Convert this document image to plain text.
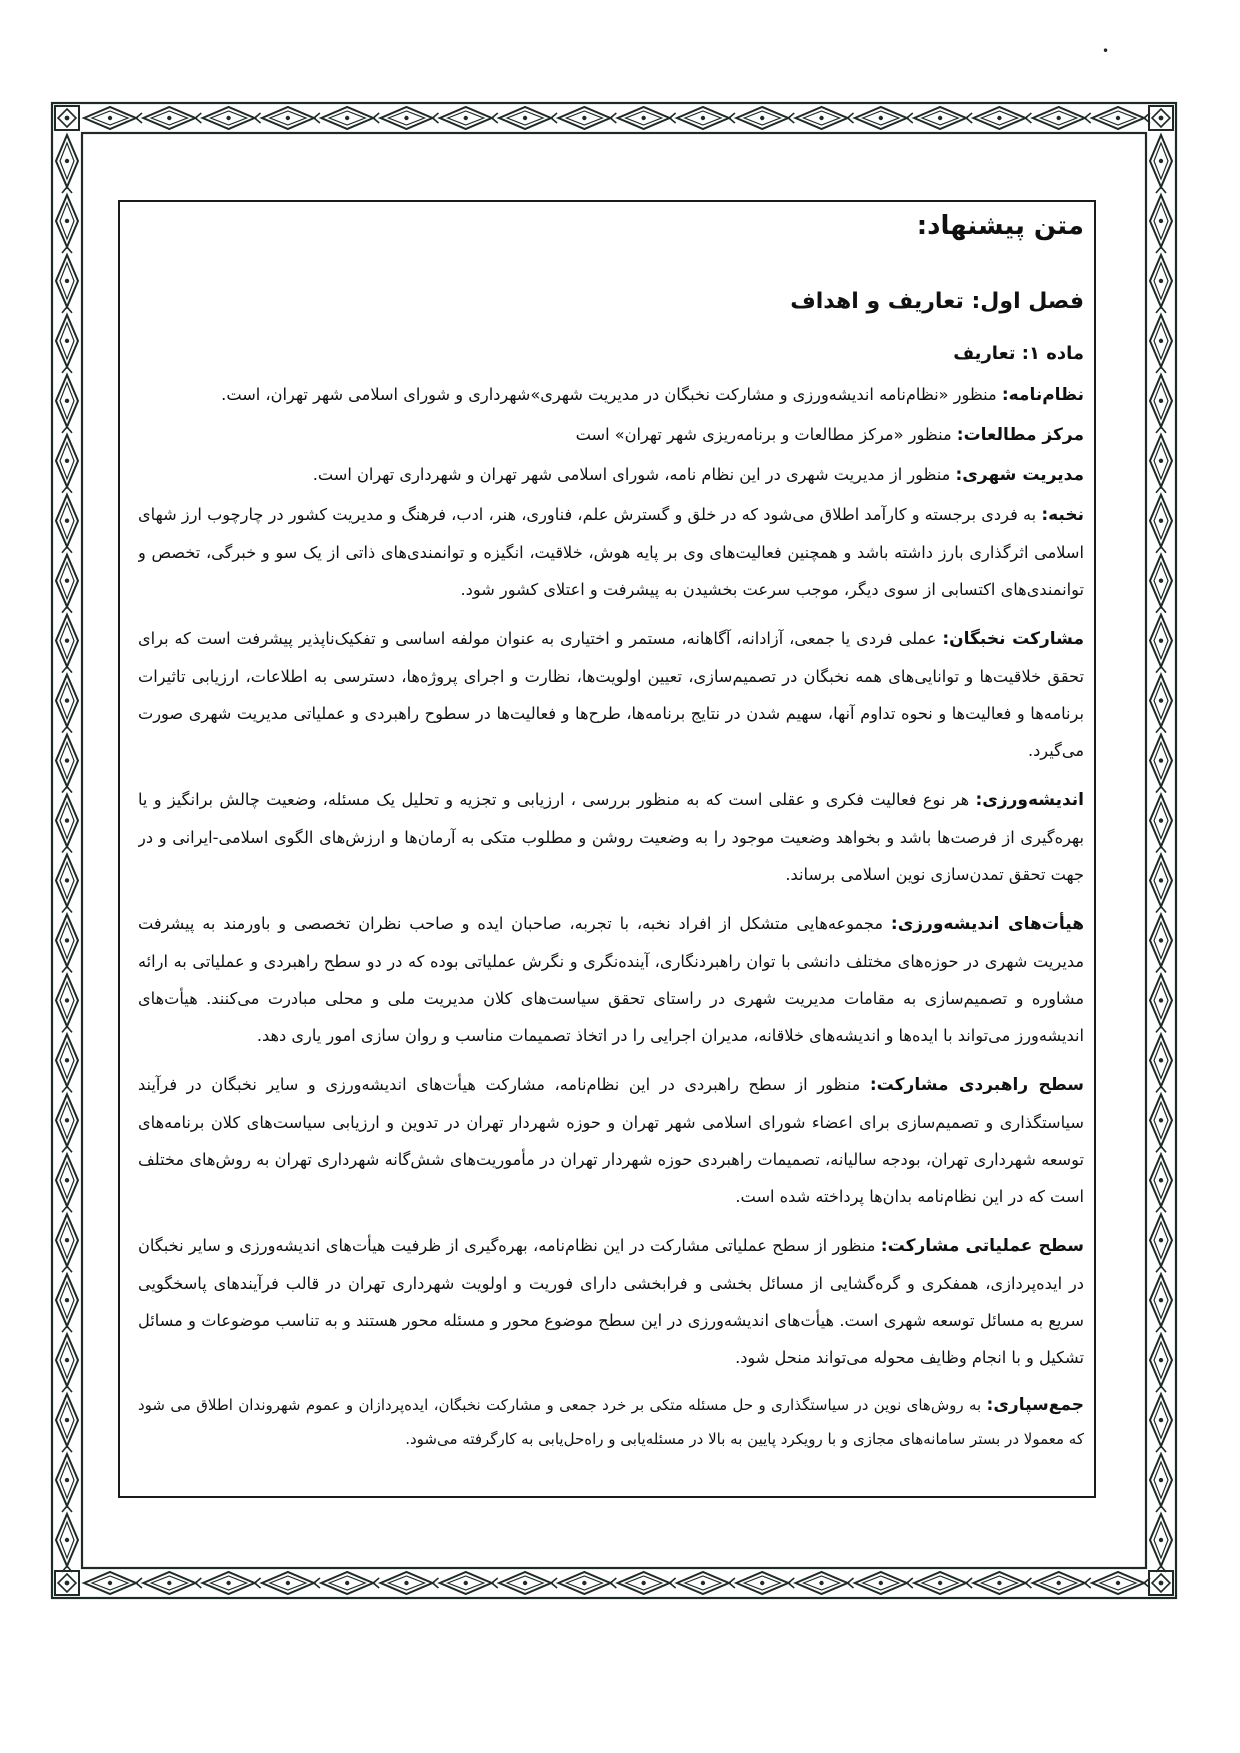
•
متن پیشنهاد:
فصل اول: تعاریف و اهداف
ماده ۱: تعاریف

نظام‌نامه: منظور «نظام‌نامه اندیشه‌ورزی و مشارکت نخبگان در مدیریت شهری»شهرداری و شورای اسلامی شهر تهران، است.

مرکز مطالعات: منظور «مرکز مطالعات و برنامه‌ریزی شهر تهران» است

مدیریت شهری: منظور از مدیریت شهری در این نظام نامه، شورای اسلامی شهر تهران و شهرداری تهران است.

نخبه: به فردی برجسته و کارآمد اطلاق می‌شود که در خلق و گسترش علم، فناوری، هنر، ادب، فرهنگ و مدیریت کشور در چارچوب ارز شهای اسلامی اثرگذاری بارز داشته باشد و همچنین فعالیت‌های وی بر پایه هوش، خلاقیت، انگیزه و توانمندی‌های ذاتی از یک سو و خبرگی، تخصص و توانمندی‌های اکتسابی از سوی دیگر، موجب سرعت بخشیدن به پیشرفت و اعتلای کشور شود.

مشارکت نخبگان: عملی فردی یا جمعی، آزادانه، آگاهانه، مستمر و اختیاری به عنوان مولفه اساسی و تفکیک‌ناپذیر پیشرفت است که برای تحقق خلاقیت‌ها و توانایی‌های همه نخبگان در تصمیم‌سازی، تعیین اولویت‌ها، نظارت و اجرای پروژه‌ها، دسترسی به اطلاعات، ارزیابی تاثیرات برنامه‌ها و فعالیت‌ها و نحوه تداوم آنها، سهیم شدن در نتایج برنامه‌ها، طرح‌ها و فعالیت‌ها در سطوح راهبردی و عملیاتی مدیریت شهری صورت می‌گیرد.

اندیشه‌ورزی: هر نوع فعالیت فکری و عقلی است که به منظور بررسی ، ارزیابی و تجزیه و تحلیل یک مسئله، وضعیت چالش برانگیز و یا بهره‌گیری از فرصت‌ها باشد و بخواهد وضعیت موجود را به وضعیت روشن و مطلوب متکی به آرمان‌ها و ارزش‌های الگوی اسلامی-ایرانی و در جهت تحقق تمدن‌سازی نوین اسلامی برساند.

هیأت‌های اندیشه‌ورزی: مجموعه‌هایی متشکل از افراد نخبه، با تجربه، صاحبان ایده و صاحب نظران تخصصی و باورمند به پیشرفت مدیریت شهری در حوزه‌های مختلف دانشی با توان راهبردنگاری، آینده‌نگری و نگرش عملیاتی بوده که در دو سطح راهبردی و عملیاتی به ارائه مشاوره و تصمیم‌سازی به مقامات مدیریت شهری در راستای تحقق سیاست‌های کلان مدیریت ملی و محلی مبادرت می‌کنند. هیأت‌های اندیشه‌ورز می‌تواند با ایده‌ها و اندیشه‌های خلاقانه، مدیران اجرایی را در اتخاذ تصمیمات مناسب و روان سازی امور یاری دهد.

سطح راهبردی مشارکت: منظور از سطح راهبردی در این نظام‌نامه، مشارکت هیأت‌های اندیشه‌ورزی و سایر نخبگان در فرآیند سیاستگذاری و تصمیم‌سازی برای اعضاء شورای اسلامی شهر تهران و حوزه شهردار تهران در تدوین و ارزیابی سیاست‌های کلان برنامه‌های توسعه شهرداری تهران، بودجه سالیانه، تصمیمات راهبردی حوزه شهردار تهران در مأموریت‌های شش‌گانه شهرداری تهران به روش‌های مختلف است که در این نظام‌نامه بدان‌ها پرداخته شده است.

سطح عملیاتی مشارکت: منظور از سطح عملیاتی مشارکت در این نظام‌نامه، بهره‌گیری از ظرفیت هیأت‌های اندیشه‌ورزی و سایر نخبگان در ایده‌پردازی، همفکری و گره‌گشایی از مسائل بخشی و فرابخشی دارای فوریت و اولویت شهرداری تهران در قالب فرآیندهای پاسخگویی سریع به مسائل توسعه شهری است. هیأت‌های اندیشه‌ورزی در این سطح موضوع محور و مسئله محور هستند و به تناسب موضوعات و مسائل تشکیل و با انجام وظایف محوله می‌تواند منحل شود.

جمع‌سپاری: به روش‌های نوین در سیاستگذاری و حل مسئله متکی بر خرد جمعی و مشارکت نخبگان، ایده‌پردازان و عموم شهروندان اطلاق می شود که معمولا در بستر سامانه‌های مجازی و با رویکرد پایین به بالا در مسئله‌یابی و راه‌حل‌یابی به کارگرفته می‌شود.
